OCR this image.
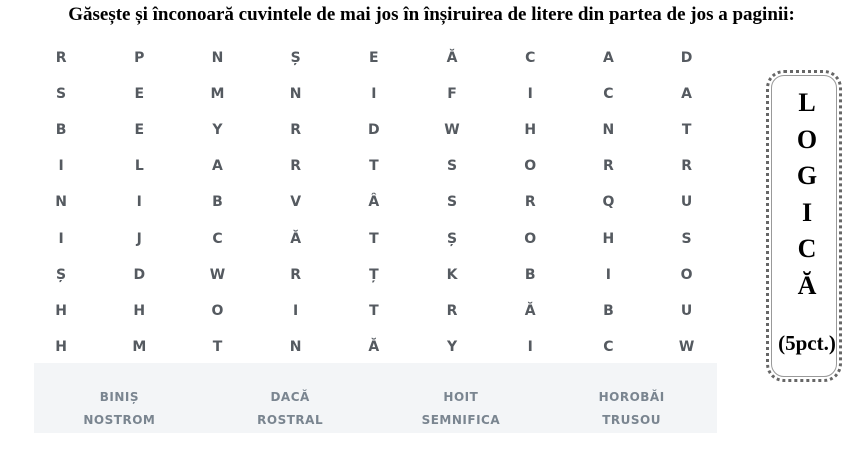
Găsește și înconoară cuvintele de mai jos în înșiruirea de litere din partea de jos a paginii:
R	P	N	Ș	E	Ă	C	A	D
S	E	M	N	I	F	I	C	A
B	E	Y	R	D	W	H	N	T
I	L	A	R	T	S	O	R	R
N	I	B	V	Â	S	R	Q	U
I	J	C	Ă	T	Ș	O	H	S
Ș	D	W	R	Ț	K	B	I	O
H	H	O	I	T	R	Ă	B	U
H	M	T	N	Ă	Y	I	C	W
BINIȘ	DACĂ	HOIT	HOROBĂI
NOSTROM	ROSTRAL	SEMNIFICA	TRUSOU
L
O
G
I
C
Ă
(5pct.)
